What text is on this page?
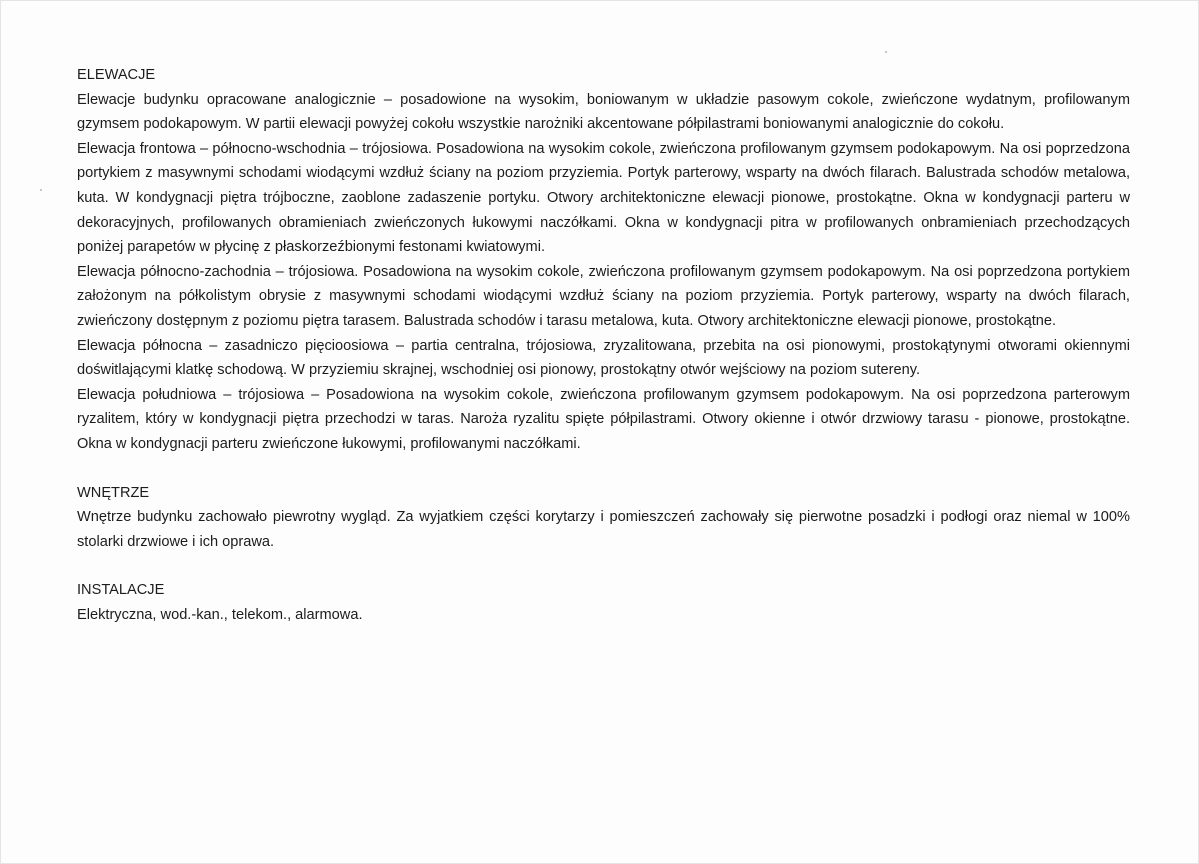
ELEWACJE

Elewacje budynku opracowane analogicznie – posadowione na wysokim, boniowanym w układzie pasowym cokole, zwieńczone wydatnym, profilowanym gzymsem podokapowym. W partii elewacji powyżej cokołu wszystkie narożniki akcentowane półpilastrami boniowanymi analogicznie do cokołu.

Elewacja frontowa – północno-wschodnia – trójosiowa. Posadowiona na wysokim cokole, zwieńczona profilowanym gzymsem podokapowym. Na osi poprzedzona portykiem z masywnymi schodami wiodącymi wzdłuż ściany na poziom przyziemia. Portyk parterowy, wsparty na dwóch filarach. Balustrada schodów metalowa, kuta. W kondygnacji piętra trójboczne, zaoblone zadaszenie portyku. Otwory architektoniczne elewacji pionowe, prostokątne. Okna w kondygnacji parteru w dekoracyjnych, profilowanych obramieniach zwieńczonych łukowymi naczółkami. Okna w kondygnacji pitra w profilowanych onbramieniach przechodzących poniżej parapetów w płycinę z płaskorzeźbionymi festonami kwiatowymi.

Elewacja północno-zachodnia – trójosiowa. Posadowiona na wysokim cokole, zwieńczona profilowanym gzymsem podokapowym. Na osi poprzedzona portykiem założonym na półkolistym obrysie z masywnymi schodami wiodącymi wzdłuż ściany na poziom przyziemia. Portyk parterowy, wsparty na dwóch filarach, zwieńczony dostępnym z poziomu piętra tarasem. Balustrada schodów i tarasu metalowa, kuta. Otwory architektoniczne elewacji pionowe, prostokątne.

Elewacja północna – zasadniczo pięcioosiowa – partia centralna, trójosiowa, zryzalitowana, przebita na osi pionowymi, prostokątynymi otworami okiennymi doświtlającymi klatkę schodową. W przyziemiu skrajnej, wschodniej osi pionowy, prostokątny otwór wejściowy na poziom sutereny.

Elewacja południowa – trójosiowa – Posadowiona na wysokim cokole, zwieńczona profilowanym gzymsem podokapowym. Na osi poprzedzona parterowym ryzalitem, który w kondygnacji piętra przechodzi w taras. Naroża ryzalitu spięte półpilastrami. Otwory okienne i otwór drzwiowy tarasu - pionowe, prostokątne. Okna w kondygnacji parteru zwieńczone łukowymi, profilowanymi naczółkami.

WNĘTRZE

Wnętrze budynku zachowało piewrotny wygląd. Za wyjatkiem części korytarzy i pomieszczeń zachowały się pierwotne posadzki i podłogi oraz niemal w 100% stolarki drzwiowe i ich oprawa.

INSTALACJE

Elektryczna, wod.-kan., telekom., alarmowa.
